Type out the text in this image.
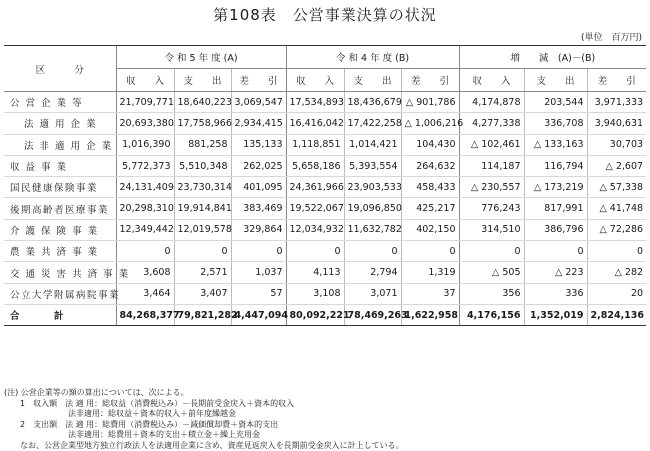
第108表　公営事業決算の状況
(単位　百万円)
区 分	令 和 5 年 度 (A)			令 和 4 年 度 (B)			増　　減　(A)－(B)		
	収　　入	支　　出	差　　引	収　　入	支　　出	差　　引	収　　入	支　　出	差　　引
公 営 企 業 等	21,709,771	18,640,223	3,069,547	17,534,893	18,436,679	△ 901,786	4,174,878	203,544	3,971,333
法 適 用 企 業	20,693,380	17,758,966	2,934,415	16,416,042	17,422,258	△ 1,006,216	4,277,338	336,708	3,940,631
法 非 適 用 企 業	1,016,390	881,258	135,133	1,118,851	1,014,421	104,430	△ 102,461	△ 133,163	30,703
収 益 事 業	5,772,373	5,510,348	262,025	5,658,186	5,393,554	264,632	114,187	116,794	△ 2,607
国民健康保険事業	24,131,409	23,730,314	401,095	24,361,966	23,903,533	458,433	△ 230,557	△ 173,219	△ 57,338
後期高齢者医療事業	20,298,310	19,914,841	383,469	19,522,067	19,096,850	425,217	776,243	817,991	△ 41,748
介 護 保 険 事 業	12,349,442	12,019,578	329,864	12,034,932	11,632,782	402,150	314,510	386,796	△ 72,286
農 業 共 済 事 業	0	0	0	0	0	0	0	0	0
交 通 災 害 共 済 事 業	3,608	2,571	1,037	4,113	2,794	1,319	△ 505	△ 223	△ 282
公立大学附属病院事業	3,464	3,407	57	3,108	3,071	37	356	336	20
合　　　計	84,268,377	79,821,282	4,447,094	80,092,221	78,469,263	1,622,958	4,176,156	1,352,019	2,824,136
(注) 公営企業等の額の算出については、次による。
　　1　収入額　法 適 用：総収益（消費税込み）－長期前受金戻入＋資本的収入
　　　　　　　　法非適用：総収益＋資本的収入＋前年度繰越金
　　2　支出額　法 適 用：総費用（消費税込み）－減価償却費＋資本的支出
　　　　　　　　法非適用：総費用＋資本的支出＋積立金＋繰上充用金
　　なお、公営企業型地方独立行政法人を法適用企業に含め、資産見返戻入を長期前受金戻入に計上している。
